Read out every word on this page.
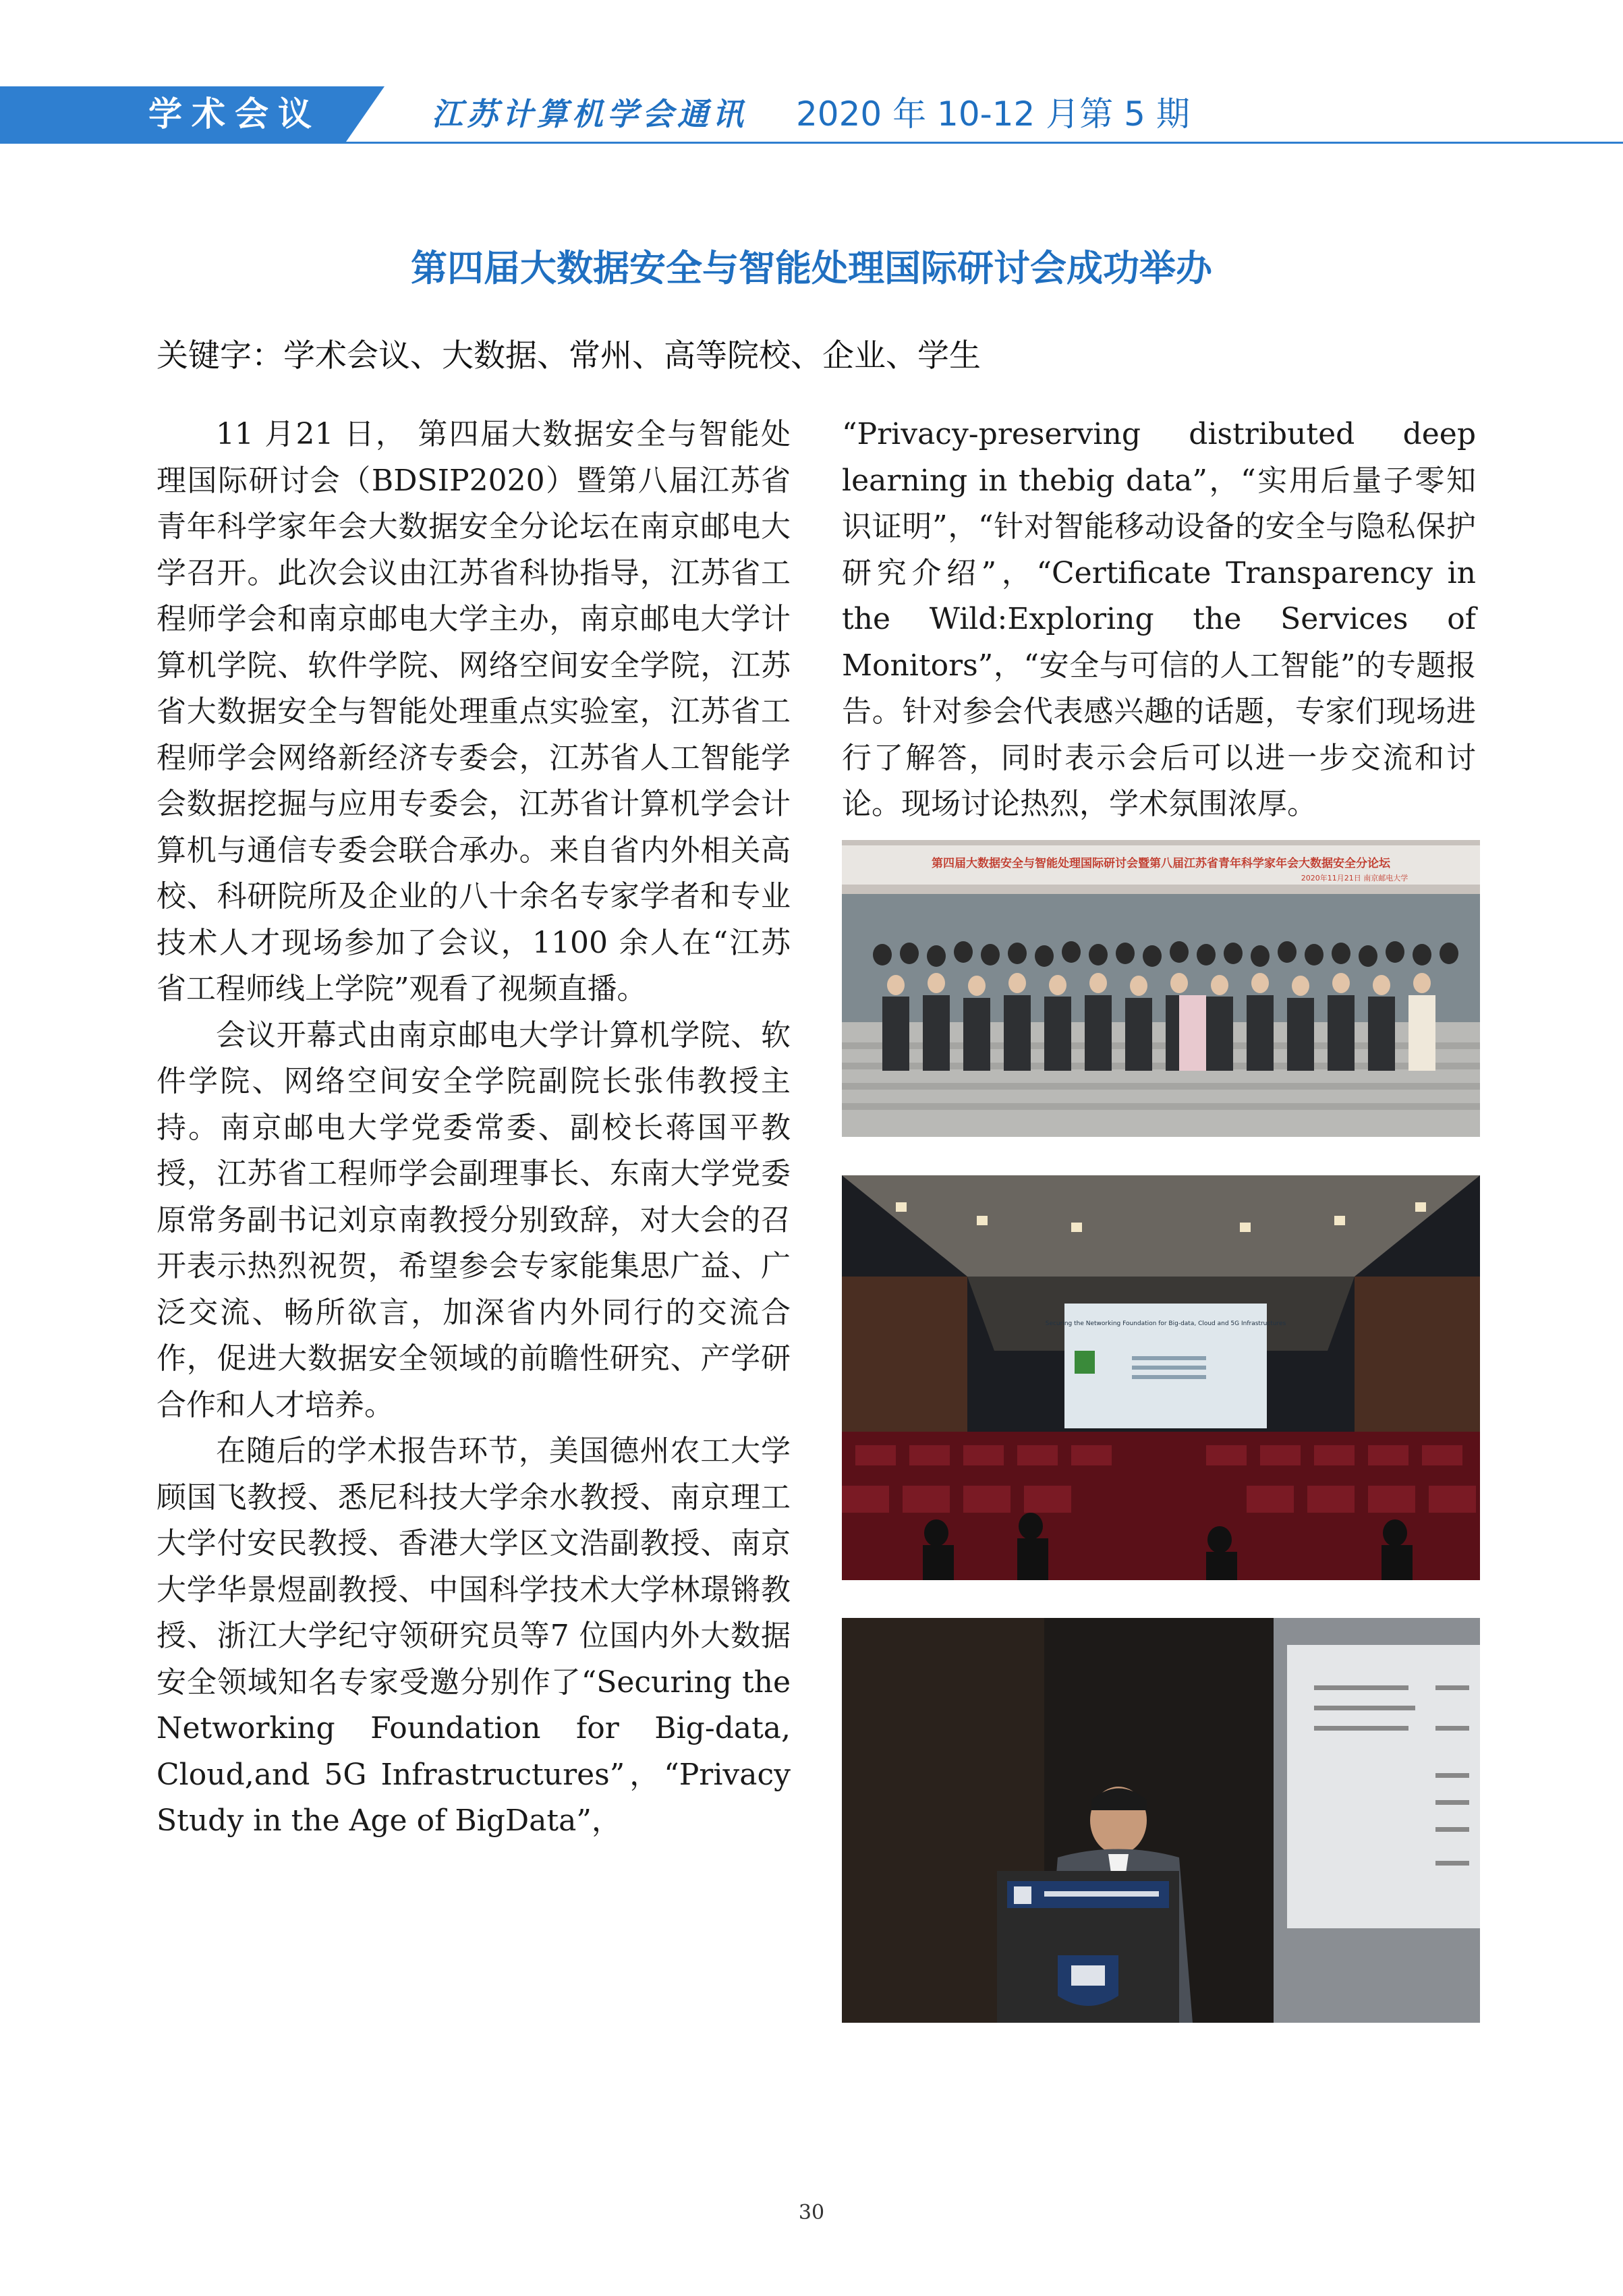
学术会议	江苏计算机学会通讯 2020 年 10-12 月第 5 期
第四届大数据安全与智能处理国际研讨会成功举办
关键字：学术会议、大数据、常州、高等院校、企业、学生

11 月21 日， 第四届大数据安全与智能处理国际研讨会（BDSIP2020）暨第八届江苏省青年科学家年会大数据安全分论坛在南京邮电大学召开。此次会议由江苏省科协指导，江苏省工程师学会和南京邮电大学主办，南京邮电大学计算机学院、软件学院、网络空间安全学院，江苏省大数据安全与智能处理重点实验室，江苏省工程师学会网络新经济专委会，江苏省人工智能学会数据挖掘与应用专委会，江苏省计算机学会计算机与通信专委会联合承办。来自省内外相关高校、科研院所及企业的八十余名专家学者和专业技术人才现场参加了会议，1100 余人在“江苏省工程师线上学院”观看了视频直播。

会议开幕式由南京邮电大学计算机学院、软件学院、网络空间安全学院副院长张伟教授主持。南京邮电大学党委常委、副校长蒋国平教授，江苏省工程师学会副理事长、东南大学党委原常务副书记刘京南教授分别致辞，对大会的召开表示热烈祝贺，希望参会专家能集思广益、广泛交流、畅所欲言，加深省内外同行的交流合作，促进大数据安全领域的前瞻性研究、产学研合作和人才培养。

在随后的学术报告环节，美国德州农工大学顾国飞教授、悉尼科技大学余水教授、南京理工大学付安民教授、香港大学区文浩副教授、南京大学华景煜副教授、中国科学技术大学林璟锵教授、浙江大学纪守领研究员等7 位国内外大数据安全领域知名专家受邀分别作了“Securing the Networking Foundation for Big-data, Cloud,and 5G Infrastructures”，“Privacy Study in the Age of BigData”，

“Privacy-preserving distributed deep learning in thebig data”，“实用后量子零知识证明”，“针对智能移动设备的安全与隐私保护研究介绍”，“Certificate Transparency in the Wild:Exploring the Services of Monitors”，“安全与可信的人工智能”的专题报告。针对参会代表感兴趣的话题，专家们现场进行了解答，同时表示会后可以进一步交流和讨论。现场讨论热烈，学术氛围浓厚。

第四届大数据安全与智能处理国际研讨会暨第八届江苏省青年科学家年会大数据安全分论坛
2020年11月21日 南京邮电大学
Securing the Networking Foundation for Big-data, Cloud and 5G Infrastructures
30
